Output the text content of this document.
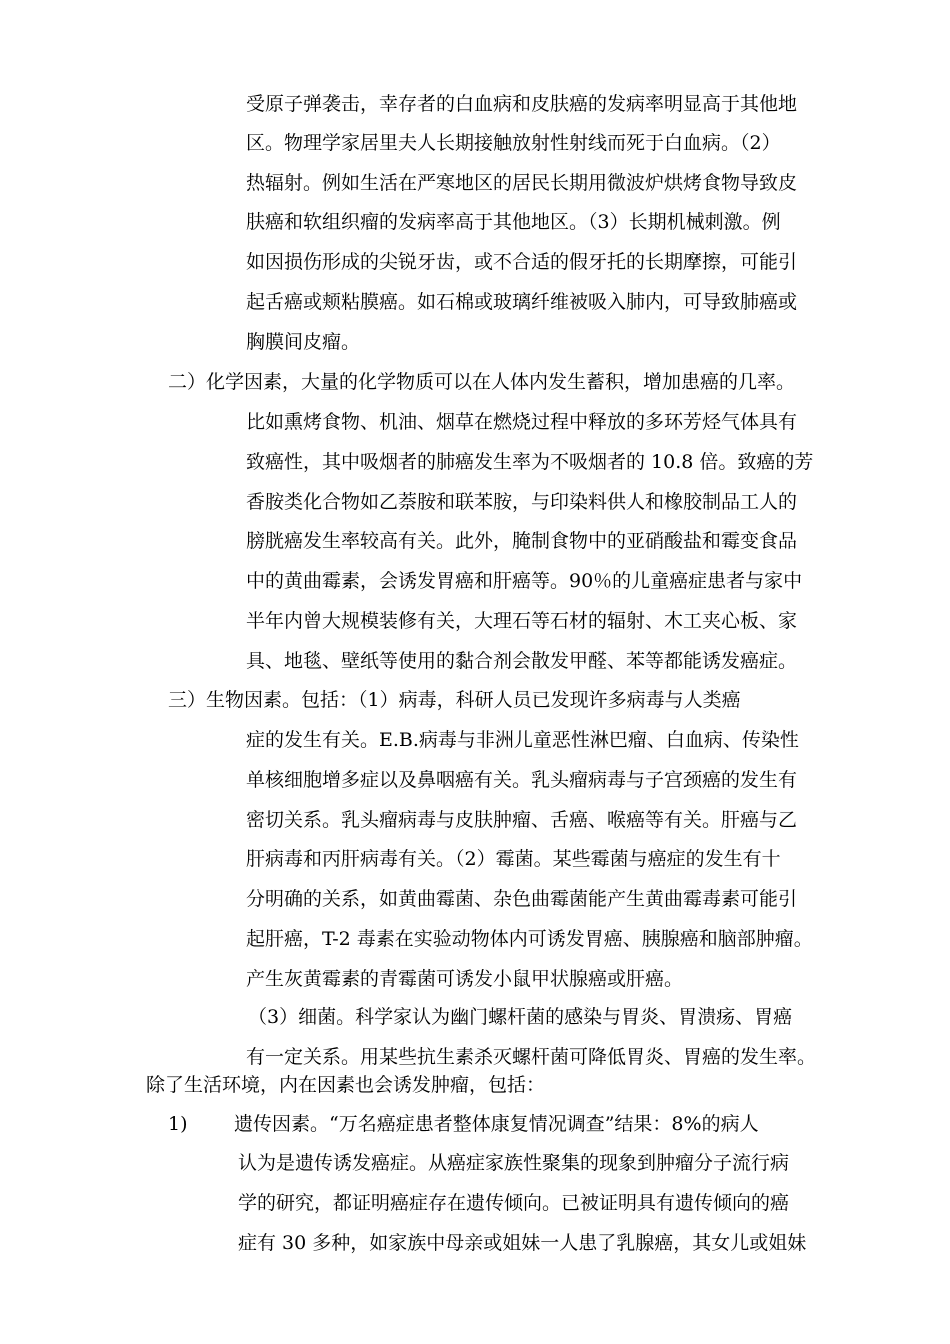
受原子弹袭击，幸存者的白血病和皮肤癌的发病率明显高于其他地
区。物理学家居里夫人长期接触放射性射线而死于白血病。（2）
热辐射。例如生活在严寒地区的居民长期用微波炉烘烤食物导致皮
肤癌和软组织瘤的发病率高于其他地区。（3）长期机械刺激。例
如因损伤形成的尖锐牙齿，或不合适的假牙托的长期摩擦，可能引
起舌癌或颊粘膜癌。如石棉或玻璃纤维被吸入肺内，可导致肺癌或
胸膜间皮瘤。
二）化学因素，大量的化学物质可以在人体内发生蓄积，增加患癌的几率。
比如熏烤食物、机油、烟草在燃烧过程中释放的多环芳烃气体具有
致癌性，其中吸烟者的肺癌发生率为不吸烟者的 10.8 倍。致癌的芳
香胺类化合物如乙萘胺和联苯胺，与印染料供人和橡胶制品工人的
膀胱癌发生率较高有关。此外，腌制食物中的亚硝酸盐和霉变食品
中的黄曲霉素，会诱发胃癌和肝癌等。90％的儿童癌症患者与家中
半年内曾大规模装修有关，大理石等石材的辐射、木工夹心板、家
具、地毯、壁纸等使用的黏合剂会散发甲醛、苯等都能诱发癌症。
三）生物因素。包括：（1）病毒，科研人员已发现许多病毒与人类癌
症的发生有关。E.B.病毒与非洲儿童恶性淋巴瘤、白血病、传染性
单核细胞增多症以及鼻咽癌有关。乳头瘤病毒与子宫颈癌的发生有
密切关系。乳头瘤病毒与皮肤肿瘤、舌癌、喉癌等有关。肝癌与乙
肝病毒和丙肝病毒有关。（2）霉菌。某些霉菌与癌症的发生有十
分明确的关系，如黄曲霉菌、杂色曲霉菌能产生黄曲霉毒素可能引
起肝癌，T-2 毒素在实验动物体内可诱发胃癌、胰腺癌和脑部肿瘤。
产生灰黄霉素的青霉菌可诱发小鼠甲状腺癌或肝癌。
（3）细菌。科学家认为幽门螺杆菌的感染与胃炎、胃溃疡、胃癌
有一定关系。用某些抗生素杀灭螺杆菌可降低胃炎、胃癌的发生率。
除了生活环境，内在因素也会诱发肿瘤，包括：
1) 遗传因素。“万名癌症患者整体康复情况调查”结果：8%的病人
认为是遗传诱发癌症。从癌症家族性聚集的现象到肿瘤分子流行病
学的研究，都证明癌症存在遗传倾向。已被证明具有遗传倾向的癌
症有 30 多种，如家族中母亲或姐妹一人患了乳腺癌，其女儿或姐妹
